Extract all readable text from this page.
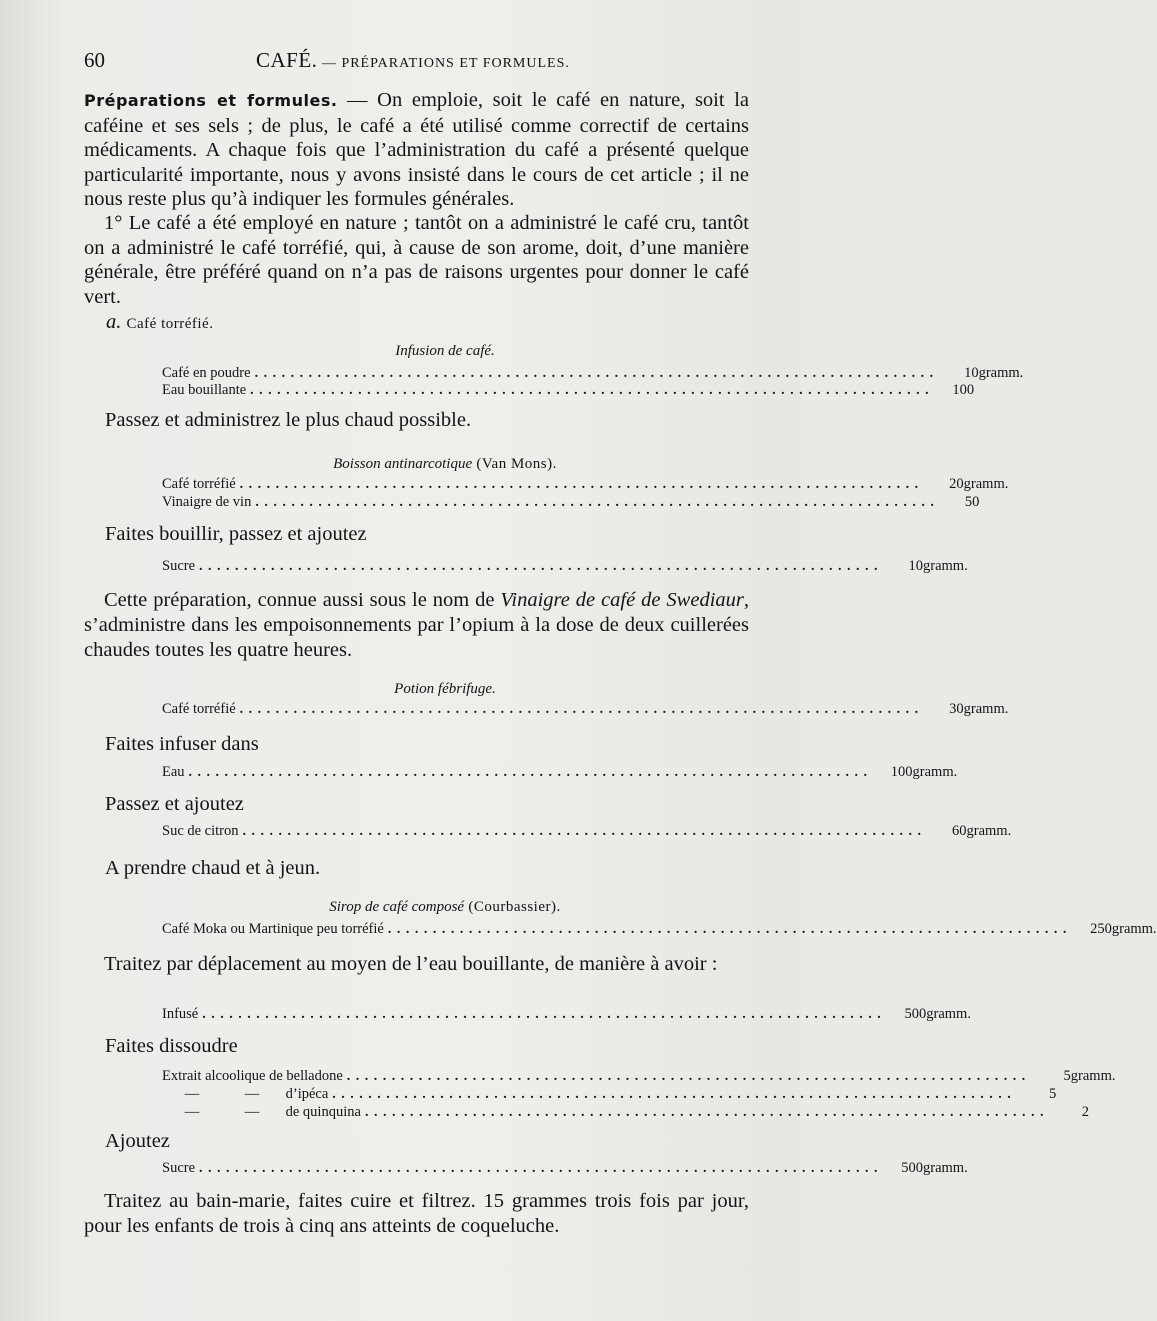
60	CAFÉ. — PRÉPARATIONS ET FORMULES.
Préparations et formules. — On emploie, soit le café en nature, soit la caféine et ses sels ; de plus, le café a été utilisé comme correctif de certains médicaments. A chaque fois que l’administration du café a présenté quelque particularité importante, nous y avons insisté dans le cours de cet article ; il ne nous reste plus qu’à indiquer les formules générales.
1° Le café a été employé en nature ; tantôt on a administré le café cru, tantôt on a administré le café torréfié, qui, à cause de son arome, doit, d’une manière générale, être préféré quand on n’a pas de raisons urgentes pour donner le café vert.
a. Café torréfié.
Infusion de café.
Café en poudre ............................................................................	10 gramm.
Eau bouillante ............................................................................	100
Passez et administrez le plus chaud possible.
Boisson antinarcotique (Van Mons).
Café torréfié ............................................................................	20 gramm.
Vinaigre de vin ............................................................................	50
Faites bouillir, passez et ajoutez
Sucre ............................................................................	10 gramm.
Cette préparation, connue aussi sous le nom de Vinaigre de café de Swediaur, s’administre dans les empoisonnements par l’opium à la dose de deux cuillerées chaudes toutes les quatre heures.
Potion fébrifuge.
Café torréfié ............................................................................	30 gramm.
Faites infuser dans
Eau ............................................................................	100 gramm.
Passez et ajoutez
Suc de citron ............................................................................	60 gramm.
A prendre chaud et à jeun.
Sirop de café composé (Courbassier).
Café Moka ou Martinique peu torréfié ............................................................................	250 gramm.
Traitez par déplacement au moyen de l’eau bouillante, de manière à avoir :
Infusé ............................................................................	500 gramm.
Faites dissoudre
Extrait alcoolique de belladone ............................................................................	5 gramm.
—	— d’ipéca ............................................................................	5
—	— de quinquina ............................................................................	2
Ajoutez
Sucre ............................................................................	500 gramm.
Traitez au bain-marie, faites cuire et filtrez. 15 grammes trois fois par jour, pour les enfants de trois à cinq ans atteints de coqueluche.
